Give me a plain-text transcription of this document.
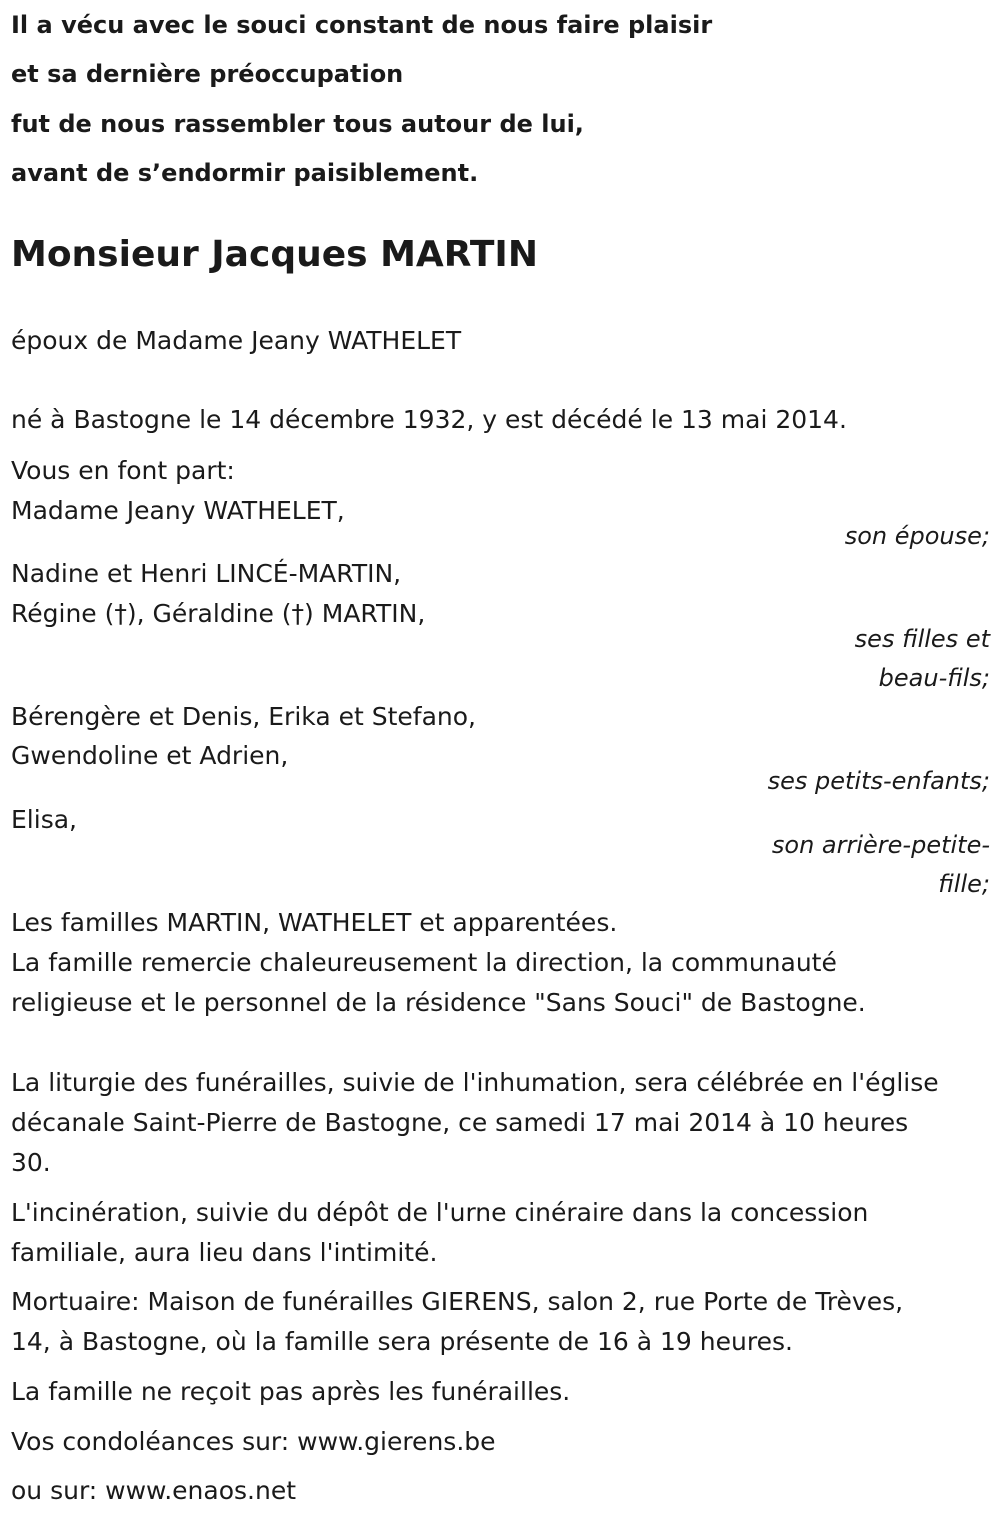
Il a vécu avec le souci constant de nous faire plaisir

et sa dernière préoccupation

fut de nous rassembler tous autour de lui,

avant de s’endormir paisiblement.

Monsieur Jacques MARTIN

époux de Madame Jeany WATHELET

né à Bastogne le 14 décembre 1932, y est décédé le 13 mai 2014.

Vous en font part:

Madame Jeany WATHELET,

son épouse;

Nadine et Henri LINCÉ-MARTIN,

Régine (†), Géraldine (†) MARTIN,

ses filles et

beau-fils;

Bérengère et Denis, Erika et Stefano,

Gwendoline et Adrien,

ses petits-enfants;

Elisa,

son arrière-petite-

fille;

Les familles MARTIN, WATHELET et apparentées.

La famille remercie chaleureusement la direction, la communauté

religieuse et le personnel de la résidence "Sans Souci" de Bastogne.

La liturgie des funérailles, suivie de l'inhumation, sera célébrée en l'église

décanale Saint-Pierre de Bastogne, ce samedi 17 mai 2014 à 10 heures

30.

L'incinération, suivie du dépôt de l'urne cinéraire dans la concession

familiale, aura lieu dans l'intimité.

Mortuaire: Maison de funérailles GIERENS, salon 2, rue Porte de Trèves,

14, à Bastogne, où la famille sera présente de 16 à 19 heures.

La famille ne reçoit pas après les funérailles.

Vos condoléances sur: www.gierens.be

ou sur: www.enaos.net
